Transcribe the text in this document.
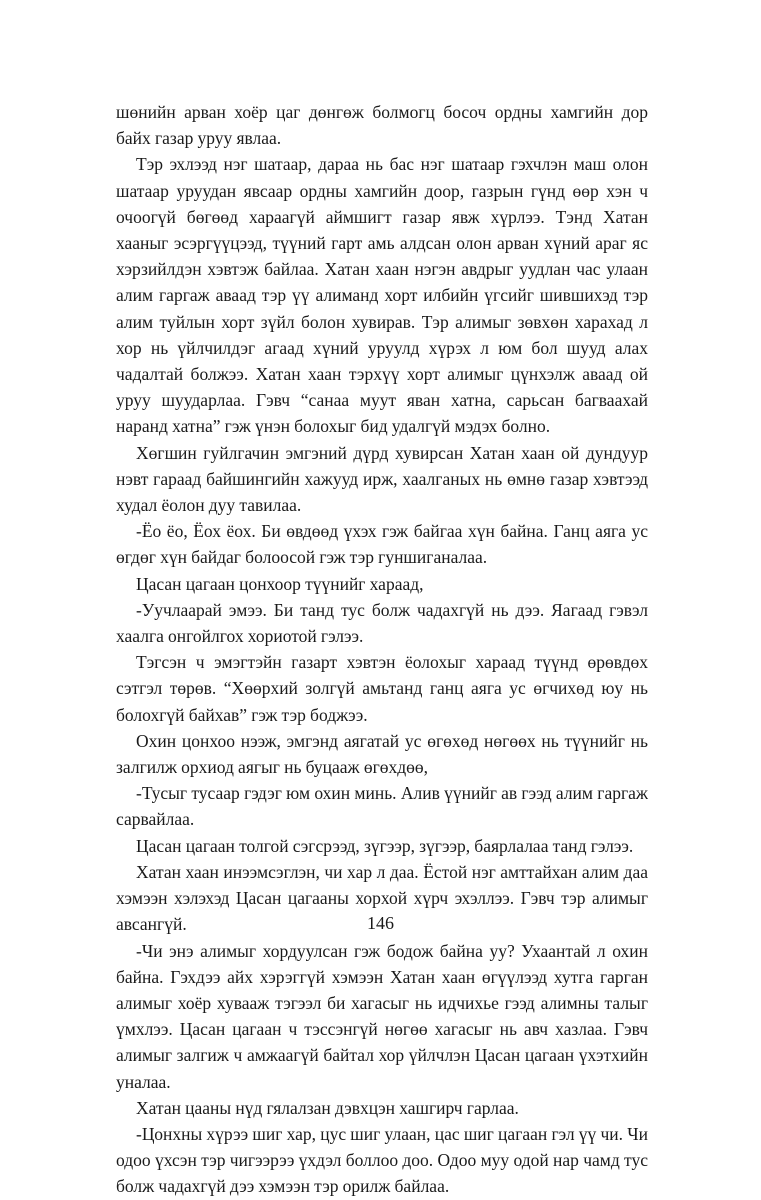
шөнийн арван хоёр цаг дөнгөж болмогц босоч ордны хамгийн дор байх газар уруу явлаа.

Тэр эхлээд нэг шатаар, дараа нь бас нэг шатаар гэхчлэн маш олон шатаар уруудан явсаар ордны хамгийн доор, газрын гүнд өөр хэн ч очоогүй бөгөөд харaагүй аймшигт газар явж хүрлээ. Тэнд Хатан хааныг эсэргүүцээд, түүний гарт амь алдсан олон арван хүний араг яс хэрзийлдэн хэвтэж байлаа. Хатан хаан нэгэн авдрыг уудлан час улаан алим гаргаж аваад тэр үү алиманд хорт илбийн үгсийг шившихэд тэр алим туйлын хорт зүйл болон хувирав. Тэр алимыг зөвхөн харахад л хор нь үйлчилдэг агаад хүний уруулд хүрэх л юм бол шууд алах чадалтай болжээ. Хатан хаан тэрхүү хорт алимыг цүнхэлж аваад ой уруу шуударлаа. Гэвч “санаа муут яван хатна, сарьсан багваахай наранд хатна” гэж үнэн болохыг бид удалгүй мэдэх болно.

Хөгшин гуйлгачин эмгэний дүрд хувирсан Хатан хаан ой дундуур нэвт гараад байшингийн хажууд ирж, хаалганых нь өмнө газар хэвтээд худал ёолон дуу тавилаа.

-Ёо ёо, Ёох ёох. Би өвдөөд үхэх гэж байгаа хүн байна. Ганц аяга ус өгдөг хүн байдаг болоосой гэж тэр гуншиганалаа.

Цасан цагаан цонхоор түүнийг хараад,

-Уучлаарай эмээ. Би танд тус болж чадахгүй нь дээ. Яагаад гэвэл хаалга онгойлгох хориотой гэлээ.

Тэгсэн ч эмэгтэйн газарт хэвтэн ёолохыг хараад түүнд өрөвдөх сэтгэл төрөв. “Хөөрхий золгүй амьтанд ганц аяга ус өгчихөд юу нь болохгүй байхав” гэж тэр боджээ.

Охин цонхоо нээж, эмгэнд аягатай ус өгөхөд нөгөөх нь түүнийг нь залгилж орхиод аягыг нь буцааж өгөхдөө,

-Тусыг тусаар гэдэг юм охин минь. Алив үүнийг ав гээд алим гаргаж сарвайлаа.

Цасан цагаан толгой сэгсрээд, зүгээр, зүгээр, баярлалаа танд гэлээ.

Хатан хаан инээмсэглэн, чи хар л даа. Ёстой нэг амттайхан алим даа хэмээн хэлэхэд Цасан цагааны хорхой хүрч эхэллээ. Гэвч тэр алимыг авсангүй.

-Чи энэ алимыг хордуулсан гэж бодож байна уу? Ухаантай л охин байна. Гэхдээ айх хэрэггүй хэмээн Хатан хаан өгүүлээд хутга гарган алимыг хоёр хувааж тэгээл би хагасыг нь идчихье гээд алимны талыг үмхлээ. Цасан цагаан ч тэссэнгүй нөгөө хагасыг нь авч хазлаа. Гэвч алимыг залгиж ч амжаагүй байтал хор үйлчлэн Цасан цагаан үхэтхийн уналаа.

Хатан цааны нүд гялалзан дэвхцэн хашгирч гарлаа.

-Цонхны хүрээ шиг хар, цус шиг улаан, цас шиг цагаан гэл үү чи. Чи одоо үхсэн тэр чигээрээ үхдэл боллоо доо. Одоо муу одой нар чамд тус болж чадахгүй дээ хэмээн тэр орилж байлаа.

146
